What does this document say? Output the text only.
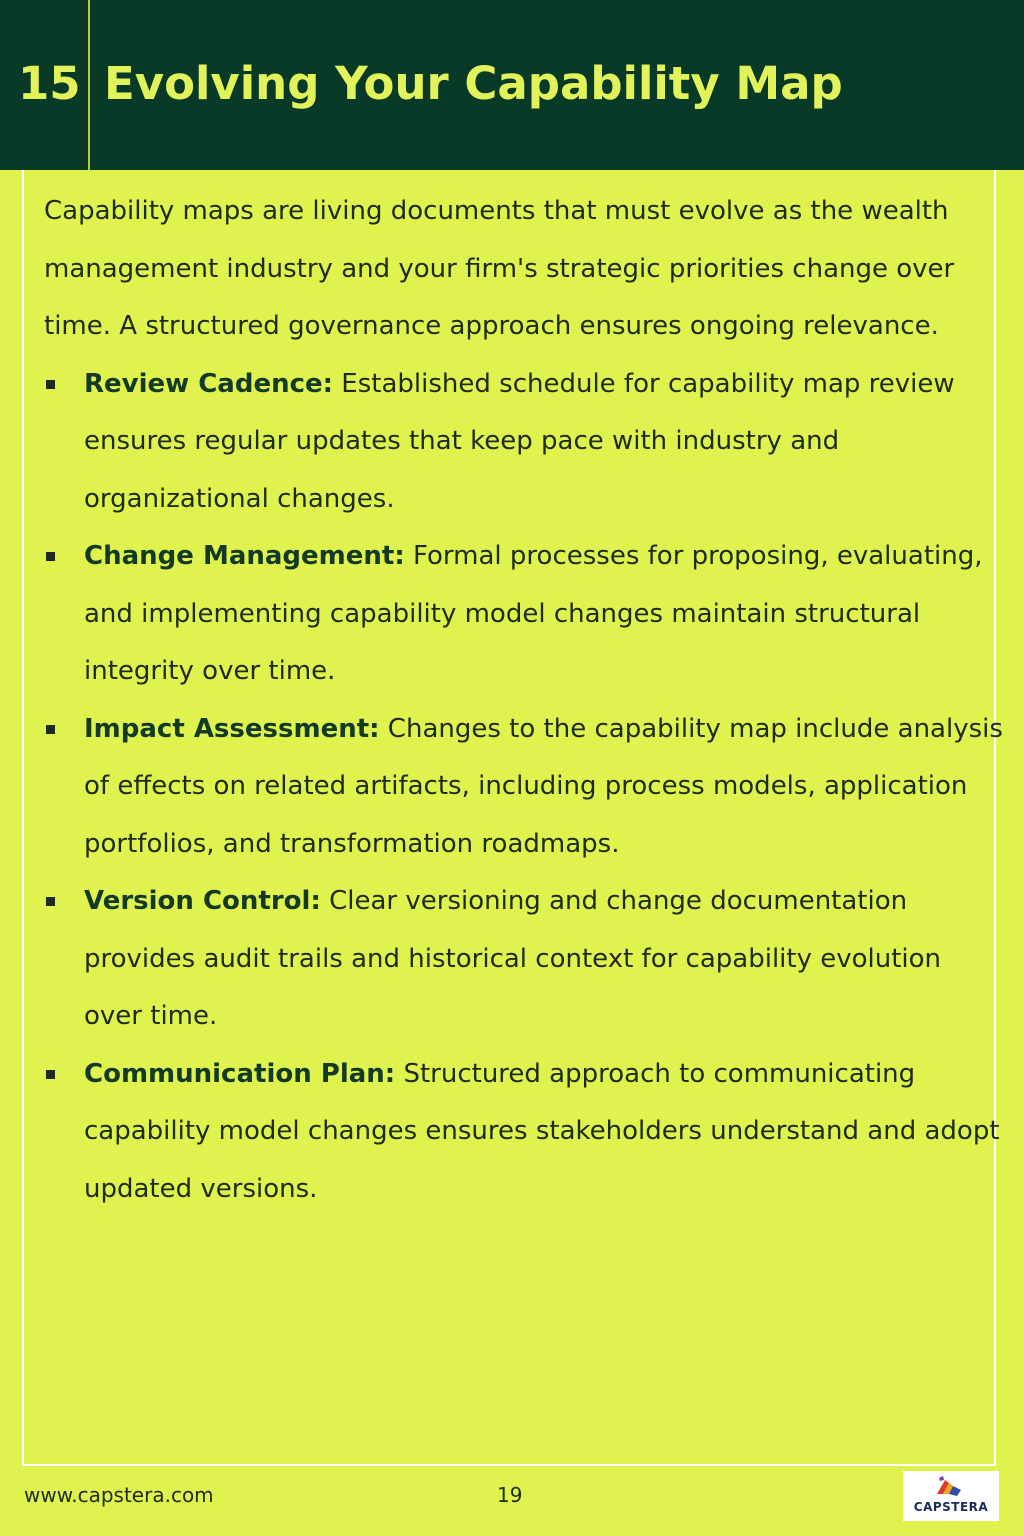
15 Evolving Your Capability Map

Capability maps are living documents that must evolve as the wealth management industry and your firm's strategic priorities change over time. A structured governance approach ensures ongoing relevance.

Review Cadence: Established schedule for capability map review ensures regular updates that keep pace with industry and organizational changes.
Change Management: Formal processes for proposing, evaluating, and implementing capability model changes maintain structural integrity over time.
Impact Assessment: Changes to the capability map include analysis of effects on related artifacts, including process models, application portfolios, and transformation roadmaps.
Version Control: Clear versioning and change documentation provides audit trails and historical context for capability evolution over time.
Communication Plan: Structured approach to communicating capability model changes ensures stakeholders understand and adopt updated versions.
www.capstera.com	19	CAPSTERA
